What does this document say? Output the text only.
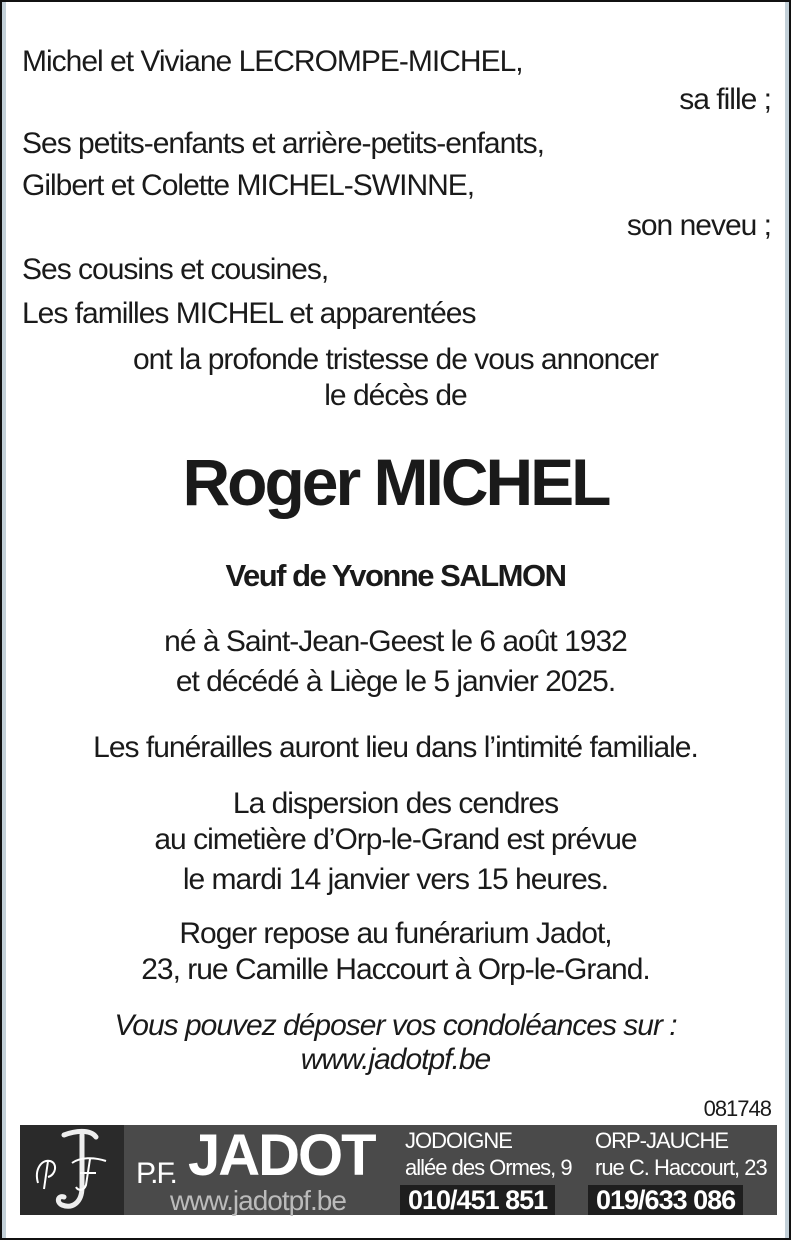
Michel et Viviane LECROMPE-MICHEL,
sa fille ;
Ses petits-enfants et arrière-petits-enfants,
Gilbert et Colette MICHEL-SWINNE,
son neveu ;
Ses cousins et cousines,
Les familles MICHEL et apparentées
ont la profonde tristesse de vous annoncer
le décès de
Roger MICHEL
Veuf de Yvonne SALMON
né à Saint-Jean-Geest le 6 août 1932
et décédé à Liège le 5 janvier 2025.
Les funérailles auront lieu dans l’intimité familiale.
La dispersion des cendres
au cimetière d’Orp-le-Grand est prévue
le mardi 14 janvier vers 15 heures.
Roger repose au funérarium Jadot,
23, rue Camille Haccourt à Orp-le-Grand.
Vous pouvez déposer vos condoléances sur :
www.jadotpf.be
081748
P.F. JADOT
www.jadotpf.be
JODOIGNE
allée des Ormes, 9
010/451 851
ORP-JAUCHE
rue C. Haccourt, 23
019/633 086
